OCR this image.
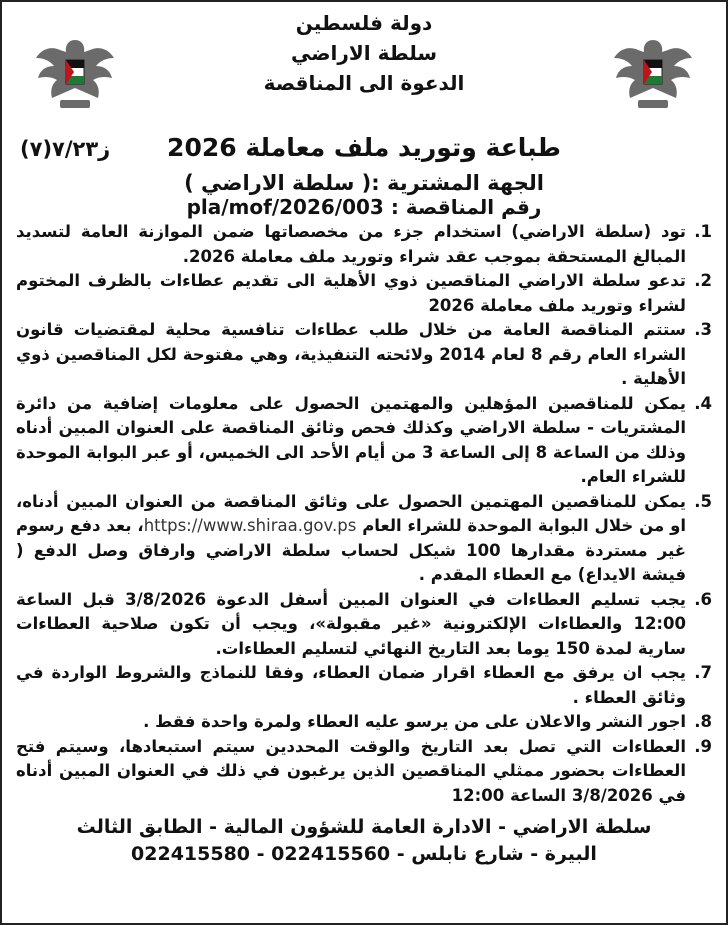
دولة فلسطين
سلطة الاراضي
الدعوة الى المناقصة
طباعة وتوريد ملف معاملة 2026
ز٧/٢٣(٧)
الجهة المشترية :( سلطة الاراضي )
رقم المناقصة : pla/mof/2026/003
1.
تود (سلطة الاراضي) استخدام جزء من مخصصاتها ضمن الموازنة العامة لتسديد المبالغ المستحقة بموجب عقد شراء وتوريد ملف معاملة 2026.
2.
تدعو سلطة الاراضي المناقصين ذوي الأهلية الى تقديم عطاءات بالظرف المختوم لشراء وتوريد ملف معاملة 2026
3.
ستتم المناقصة العامة من خلال طلب عطاءات تنافسية محلية لمقتضيات قانون الشراء العام رقم 8 لعام 2014 ولائحته التنفيذية، وهي مفتوحة لكل المناقصين ذوي الأهلية .
4.
يمكن للمناقصين المؤهلين والمهتمين الحصول على معلومات إضافية من دائرة المشتريات - سلطة الاراضي وكذلك فحص وثائق المناقصة على العنوان المبين أدناه وذلك من الساعة 8 إلى الساعة 3 من أيام الأحد الى الخميس، أو عبر البوابة الموحدة للشراء العام.
5.
يمكن للمناقصين المهتمين الحصول على وثائق المناقصة من العنوان المبين أدناه، او من خلال البوابة الموحدة للشراء العام https://www.shiraa.gov.ps، بعد دفع رسوم غير مستردة مقدارها 100 شيكل لحساب سلطة الاراضي وارفاق وصل الدفع ( فيشة الايداع) مع العطاء المقدم .
6.
يجب تسليم العطاءات في العنوان المبين أسفل الدعوة 3/8/2026 قبل الساعة 12:00 والعطاءات الإلكترونية «غير مقبولة»، ويجب أن تكون صلاحية العطاءات سارية لمدة 150 يوما بعد التاريخ النهائي لتسليم العطاءات.
7.
يجب ان يرفق مع العطاء اقرار ضمان العطاء، وفقا للنماذج والشروط الواردة في وثائق العطاء .
8.
اجور النشر والاعلان على من يرسو عليه العطاء ولمرة واحدة فقط .
9.
العطاءات التي تصل بعد التاريخ والوقت المحددين سيتم استبعادها، وسيتم فتح العطاءات بحضور ممثلي المناقصين الذين يرغبون في ذلك في العنوان المبين أدناه في 3/8/2026 الساعة 12:00
سلطة الاراضي - الادارة العامة للشؤون المالية - الطابق الثالث
البيرة - شارع نابلس - 022415560 - 022415580
